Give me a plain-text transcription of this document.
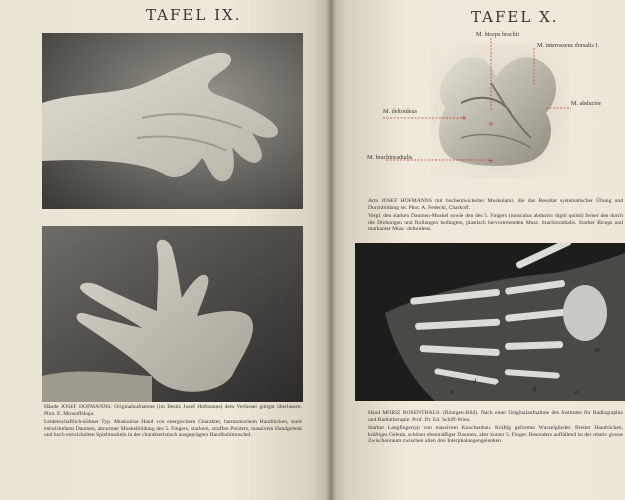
TAFEL IX.

Hände JOSEF HOFMANNS: Originalaufnahme (im Besitz Josef Hofmanns) dem Verfasser gütigst überlassen. Phot. E. Mrosoffskaja.

Leidenschaftlich-kühner Typ. Muskulöse Hand von energischem Charakter, harmonischem Handrücken, stark entwickeltem Daumen, abnormer Muskelbildung des 5. Fingers, starkem, straffen Polsters, massivem Handgelenk und hoch entwickelten Spielmuskeln in der charakteristisch ausgeprägten Handhohlmuschel.

TAFEL X.
+
+
+
M. biceps brachii
M. interosseus dorsalis I.
M. deltoideus
M. abductor
M. brachioradialis

Arm JOSEF HOFMANNS mit hochentwickelter Muskulatur, die das Resultat systematischer Übung und Durchbildung ist. Phot. A. Fedecki, Charkoff.

Vergl. den starken Daumen-Muskel sowie den des 5. Fingers (musculus abductor digiti quinti) ferner den durch die Drehungen und Rollungen bedingten, plastisch hervortretenden Musc. brachioradialis. Starker Biceps und markanter Musc. deltoideus.

H
a
b
c
d
e

Hand MORIZ ROSENTHALS: (Röntgen-Bild). Nach einer Originalaufnahme des Institutes für Radiographie und Radiotherapie: Prof. Dr. Ed. Schiff-Wien.

Starker Langfingertyp von massivem Knochenbau. Kräftig geformte Wurzelglieder. Breiter Handrücken, kräftiges Gelenk, schöner ebenmäßiger Daumen, aber kurzer 5. Finger. Besonders auffallend ist der relativ grosse Zwischenraum zwischen allen drei Interphalangengelenken.
